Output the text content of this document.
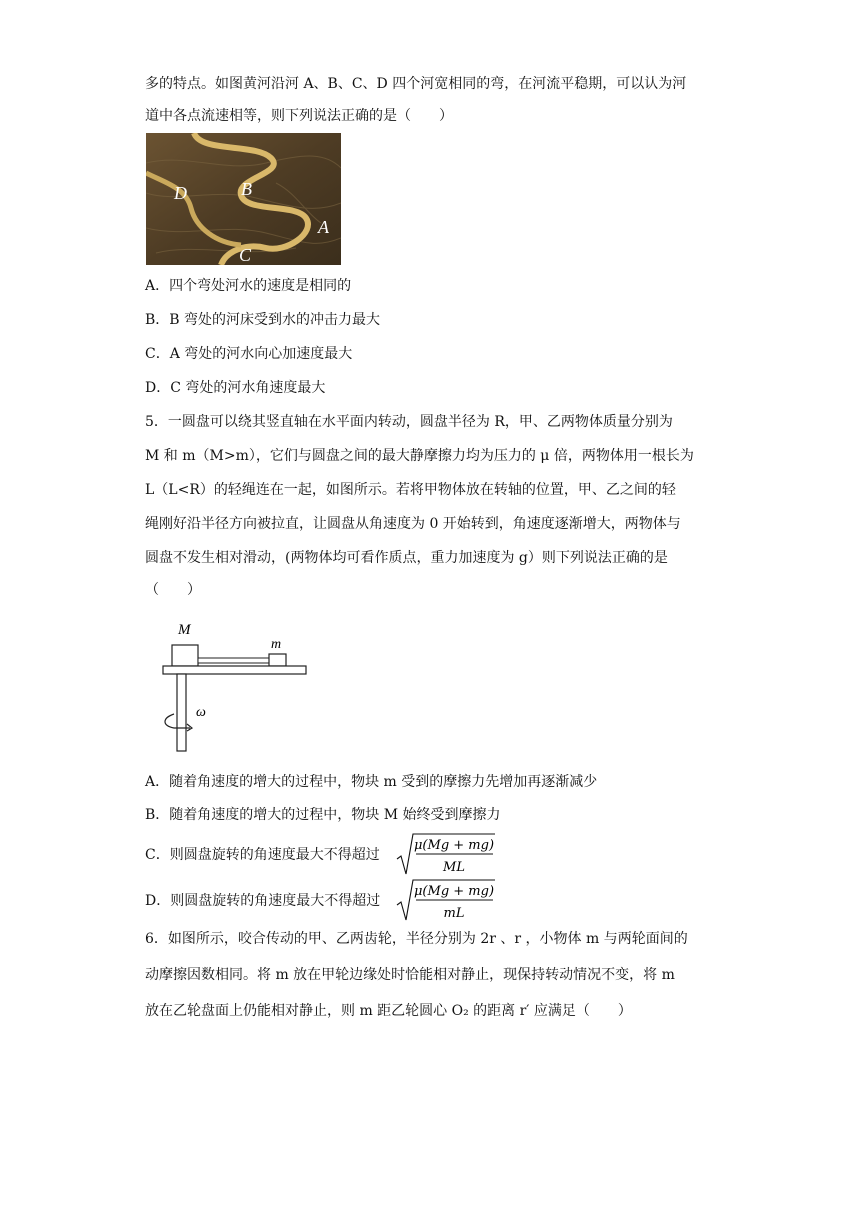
多的特点。如图黄河沿河 A、B、C、D 四个河宽相同的弯，在河流平稳期，可以认为河
道中各点流速相等，则下列说法正确的是（　　）
D	B
A
C
A．四个弯处河水的速度是相同的
B．B 弯处的河床受到水的冲击力最大
C．A 弯处的河水向心加速度最大
D．C 弯处的河水角速度最大
5．一圆盘可以绕其竖直轴在水平面内转动，圆盘半径为 R，甲、乙两物体质量分别为
M 和 m（M>m），它们与圆盘之间的最大静摩擦力均为压力的 μ 倍，两物体用一根长为
L（L<R）的轻绳连在一起，如图所示。若将甲物体放在转轴的位置，甲、乙之间的轻
绳刚好沿半径方向被拉直，让圆盘从角速度为 0 开始转到，角速度逐渐增大，两物体与
圆盘不发生相对滑动，(两物体均可看作质点，重力加速度为 g）则下列说法正确的是
（　　）
M
m
ω
A．随着角速度的增大的过程中，物块 m 受到的摩擦力先增加再逐渐减少
B．随着角速度的增大的过程中，物块 M 始终受到摩擦力
C．则圆盘旋转的角速度最大不得超过
μ(Mg + mg)
ML
D．则圆盘旋转的角速度最大不得超过
μ(Mg + mg)
mL
6．如图所示，咬合传动的甲、乙两齿轮，半径分别为 2r 、r ，小物体 m 与两轮面间的
动摩擦因数相同。将 m 放在甲轮边缘处时恰能相对静止，现保持转动情况不变，将 m
放在乙轮盘面上仍能相对静止，则 m 距乙轮圆心 O₂ 的距离 r′ 应满足（　　）
